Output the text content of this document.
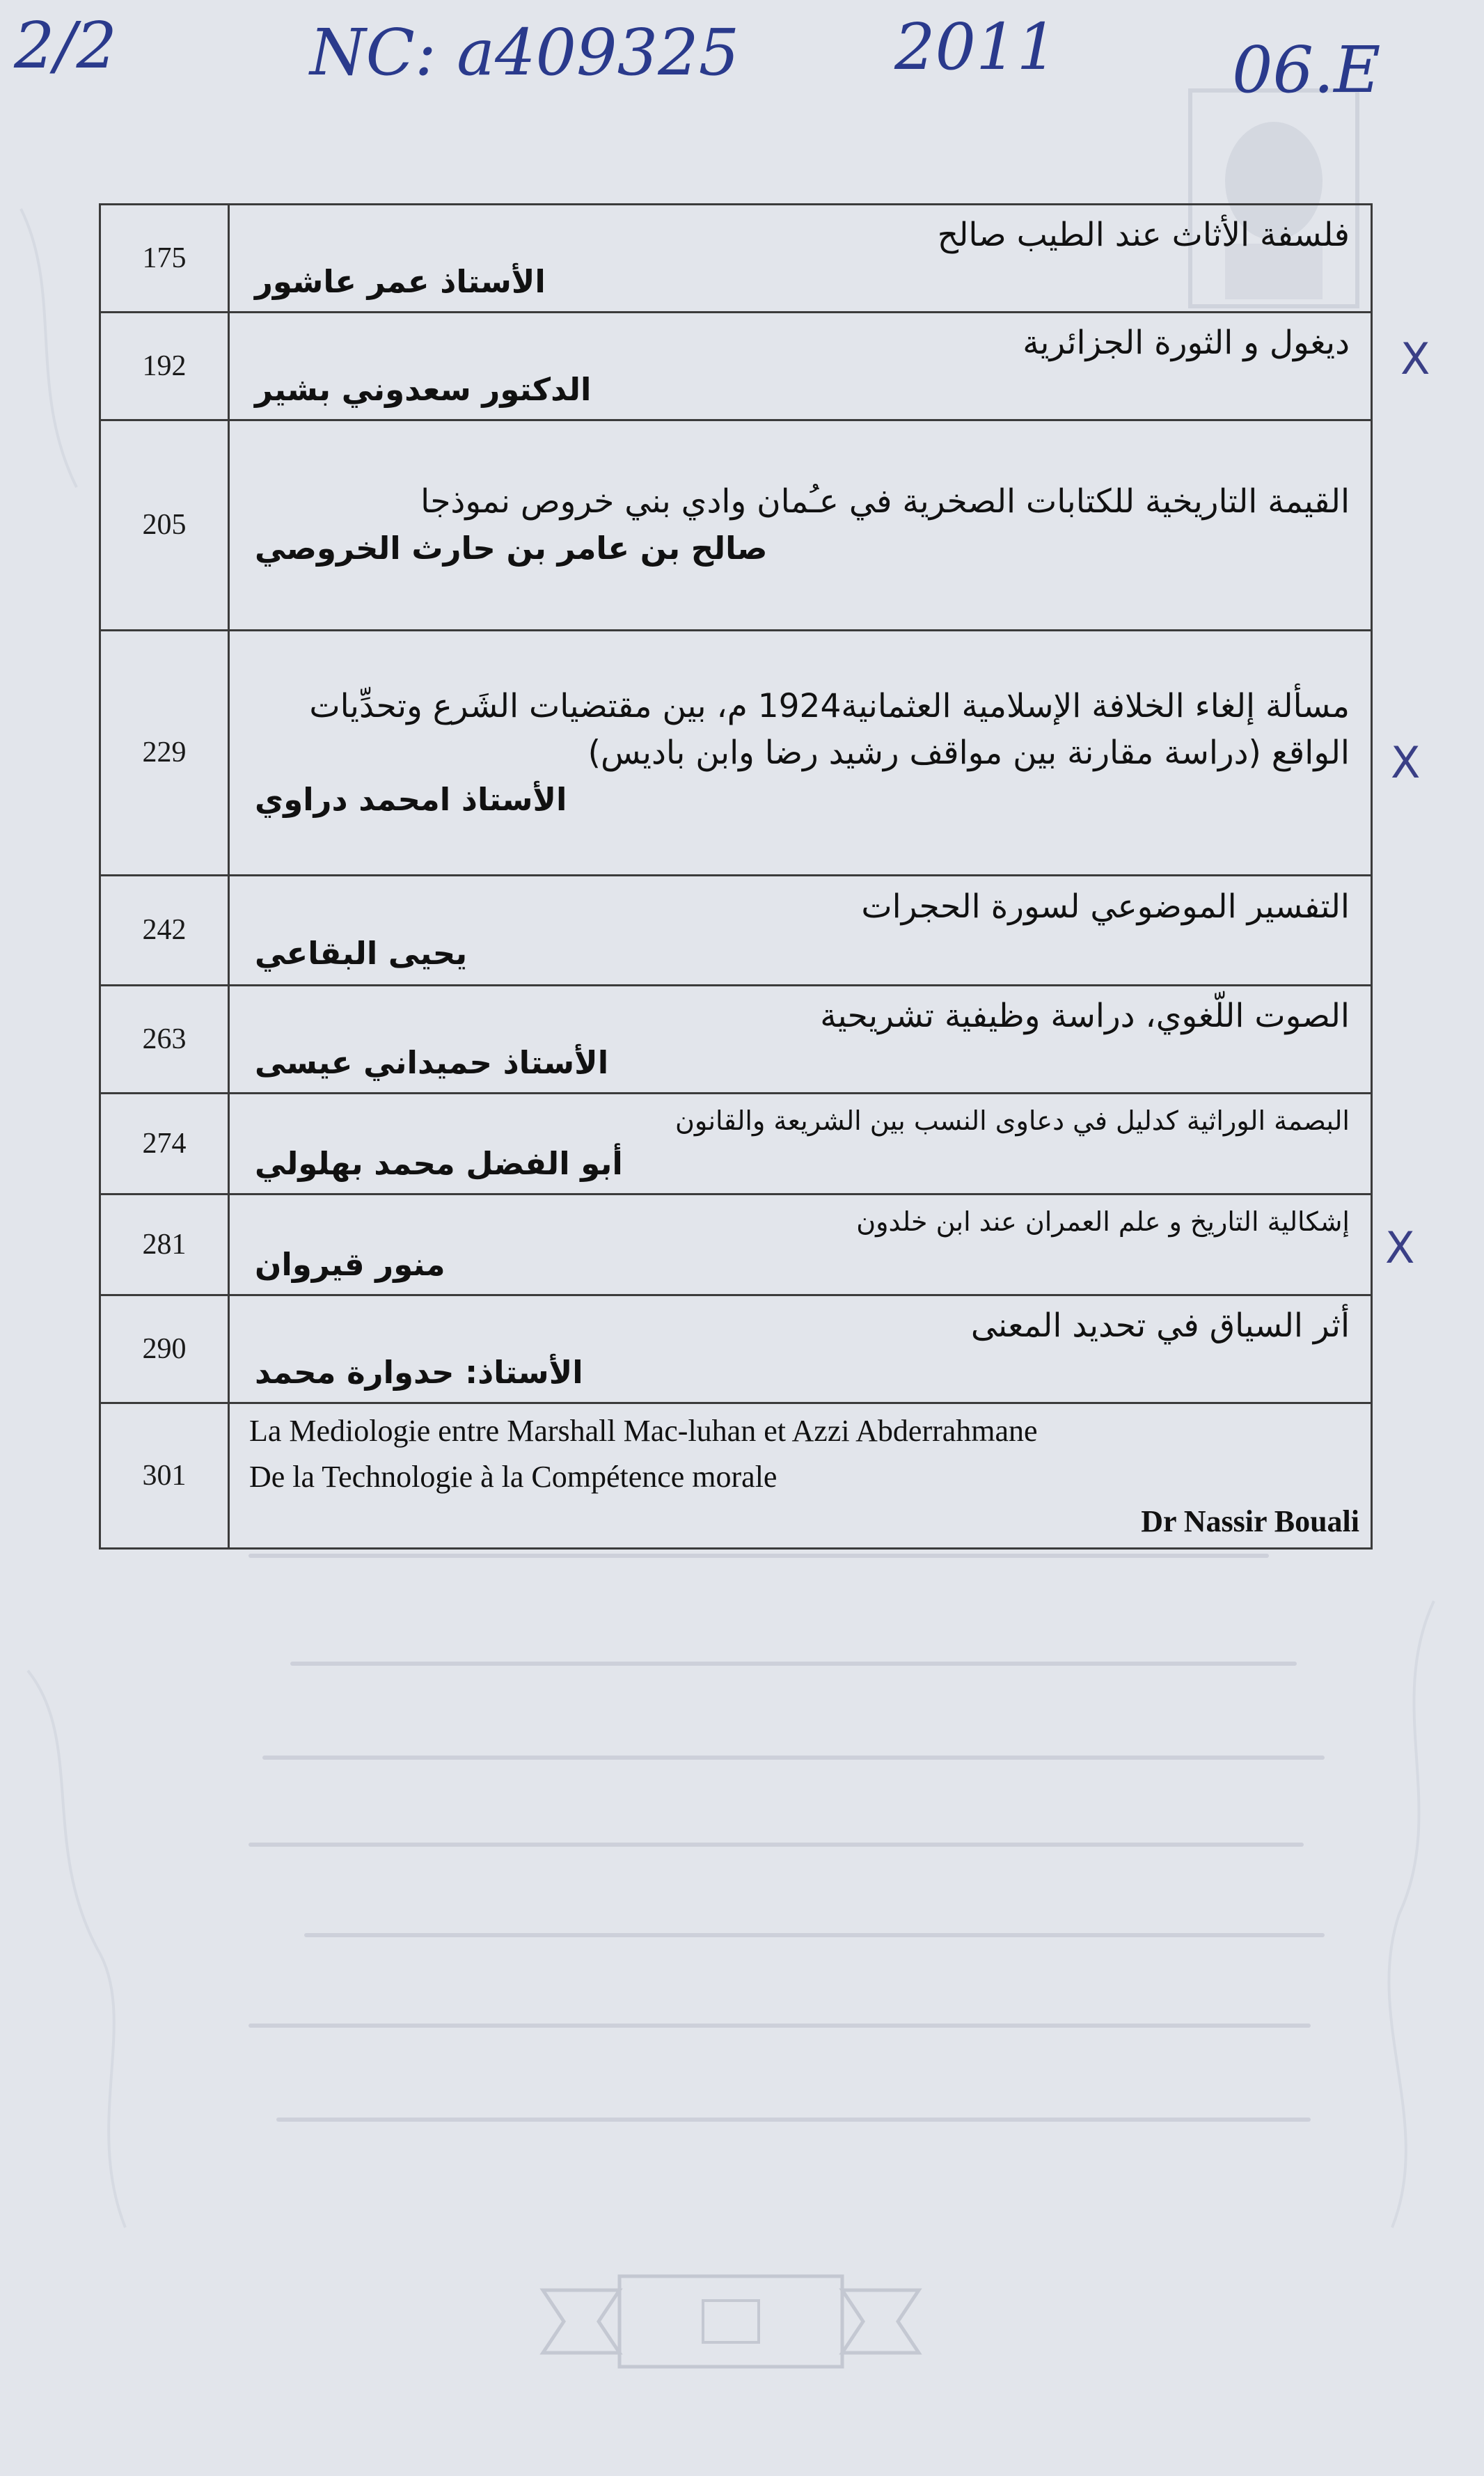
2/2	NC: a409325 2011	06.E
X
X
X
175	فلسفة الأثاث عند الطيب صالح
الأستاذ عمر عاشور

192	ديغول و الثورة الجزائرية
الدكتور سعدوني بشير

205	القيمة التاريخية للكتابات الصخرية في عـُمان وادي بني خروص نموذجا
صالح بن عامر بن حارث الخروصي

229	مسألة إلغاء الخلافة الإسلامية العثمانية1924 م، بين مقتضيات الشَرع وتحدِّيات الواقع (دراسة مقارنة بين مواقف رشيد رضا وابن باديس)
الأستاذ امحمد دراوي

242	التفسير الموضوعي لسورة الحجرات
يحيى البقاعي

263	الصوت اللّغوي، دراسة وظيفية تشريحية
الأستاذ حميداني عيسى

274	البصمة الوراثية كدليل في دعاوى النسب بين الشريعة والقانون
أبو الفضل محمد بهلولي

281	إشكالية التاريخ و علم العمران عند ابن خلدون
منور قيروان

290	أثر السياق في تحديد المعنى
الأستاذ: حدوارة محمد

301	La Mediologie entre Marshall Mac-luhan et Azzi Abderrahmane
De la Technologie à la Compétence morale
Dr Nassir Bouali
